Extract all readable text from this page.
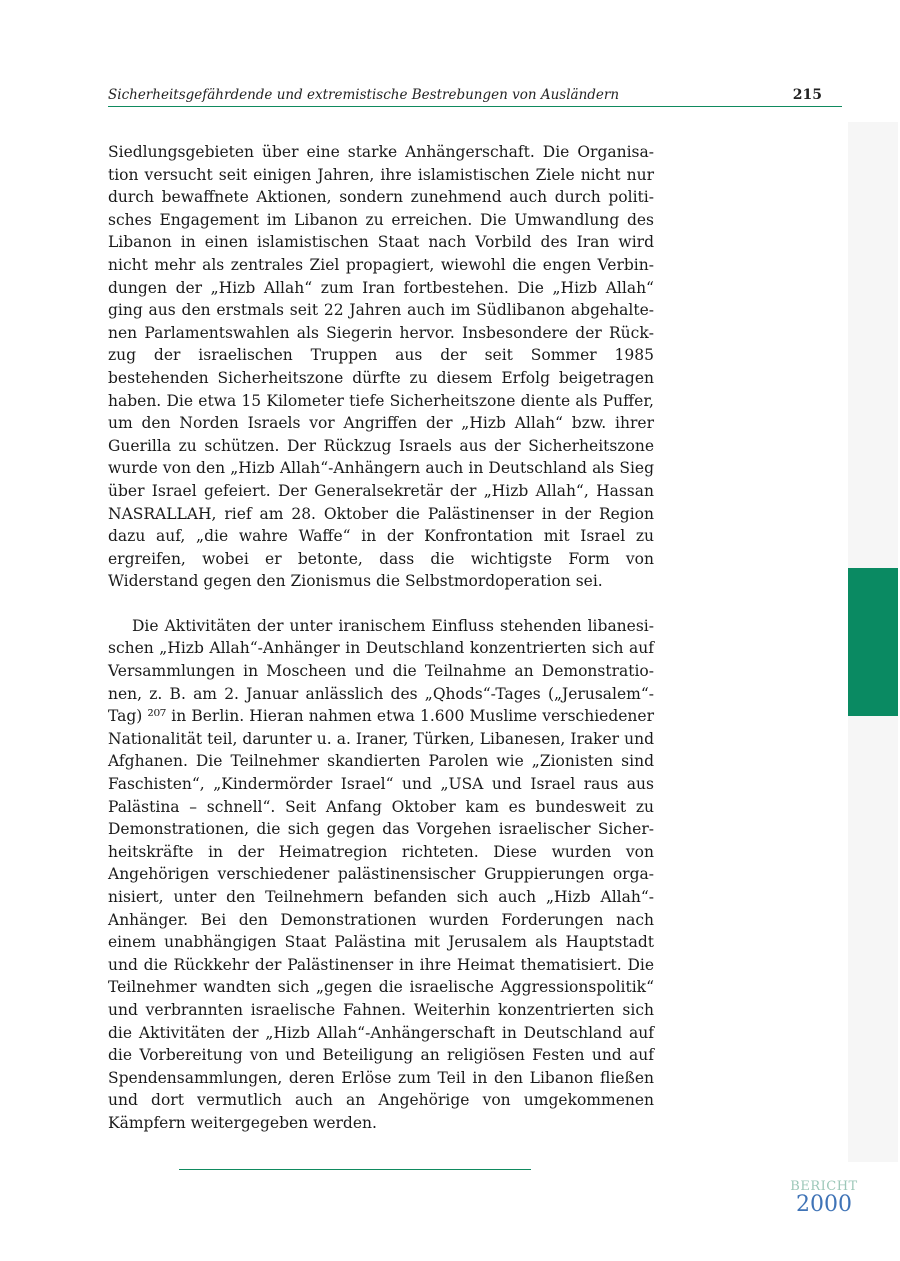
Sicherheitsgefährdende und extremistische Bestrebungen von Ausländern	215

Siedlungsgebieten über eine starke Anhängerschaft. Die Organisation versucht seit einigen Jahren, ihre islamistischen Ziele nicht nur durch bewaffnete Aktionen, sondern zunehmend auch durch politisches Engagement im Libanon zu erreichen. Die Umwandlung des Libanon in einen islamistischen Staat nach Vorbild des Iran wird nicht mehr als zentrales Ziel propagiert, wiewohl die engen Verbindungen der „Hizb Allah“ zum Iran fortbestehen. Die „Hizb Allah“ ging aus den erstmals seit 22 Jahren auch im Südlibanon abgehaltenen Parlamentswahlen als Siegerin hervor. Insbesondere der Rückzug der israelischen Truppen aus der seit Sommer 1985 bestehenden Sicherheitszone dürfte zu diesem Erfolg beigetragen haben. Die etwa 15 Kilometer tiefe Sicherheitszone diente als Puffer, um den Norden Israels vor Angriffen der „Hizb Allah“ bzw. ihrer Guerilla zu schützen. Der Rückzug Israels aus der Sicherheitszone wurde von den „Hizb Allah“-Anhängern auch in Deutschland als Sieg über Israel gefeiert. Der Generalsekretär der „Hizb Allah“, Hassan NASRALLAH, rief am 28. Oktober die Palästinenser in der Region dazu auf, „die wahre Waffe“ in der Konfrontation mit Israel zu ergreifen, wobei er betonte, dass die wichtigste Form von Widerstand gegen den Zionismus die Selbstmordoperation sei.

Die Aktivitäten der unter iranischem Einfluss stehenden libanesischen „Hizb Allah“-Anhänger in Deutschland konzentrierten sich auf Versammlungen in Moscheen und die Teilnahme an Demonstrationen, z. B. am 2. Januar anlässlich des „Qhods“-Tages („Jerusalem“-Tag) ²⁰⁷ in Berlin. Hieran nahmen etwa 1.600 Muslime verschiedener Nationalität teil, darunter u. a. Iraner, Türken, Libanesen, Iraker und Afghanen. Die Teilnehmer skandierten Parolen wie „Zionisten sind Faschisten“, „Kindermörder Israel“ und „USA und Israel raus aus Palästina – schnell“. Seit Anfang Oktober kam es bundesweit zu Demonstrationen, die sich gegen das Vorgehen israelischer Sicherheitskräfte in der Heimatregion richteten. Diese wurden von Angehörigen verschiedener palästinensischer Gruppierungen organisiert, unter den Teilnehmern befanden sich auch „Hizb Allah“-Anhänger. Bei den Demonstrationen wurden Forderungen nach einem unabhängigen Staat Palästina mit Jerusalem als Hauptstadt und die Rückkehr der Palästinenser in ihre Heimat thematisiert. Die Teilnehmer wandten sich „gegen die israelische Aggressionspolitik“ und verbrannten israelische Fahnen. Weiterhin konzentrierten sich die Aktivitäten der „Hizb Allah“-Anhängerschaft in Deutschland auf die Vorbereitung von und Beteiligung an religiösen Festen und auf Spendensammlungen, deren Erlöse zum Teil in den Libanon fließen und dort vermutlich auch an Angehörige von umgekommenen Kämpfern weitergegeben werden.

BERICHT
2000
